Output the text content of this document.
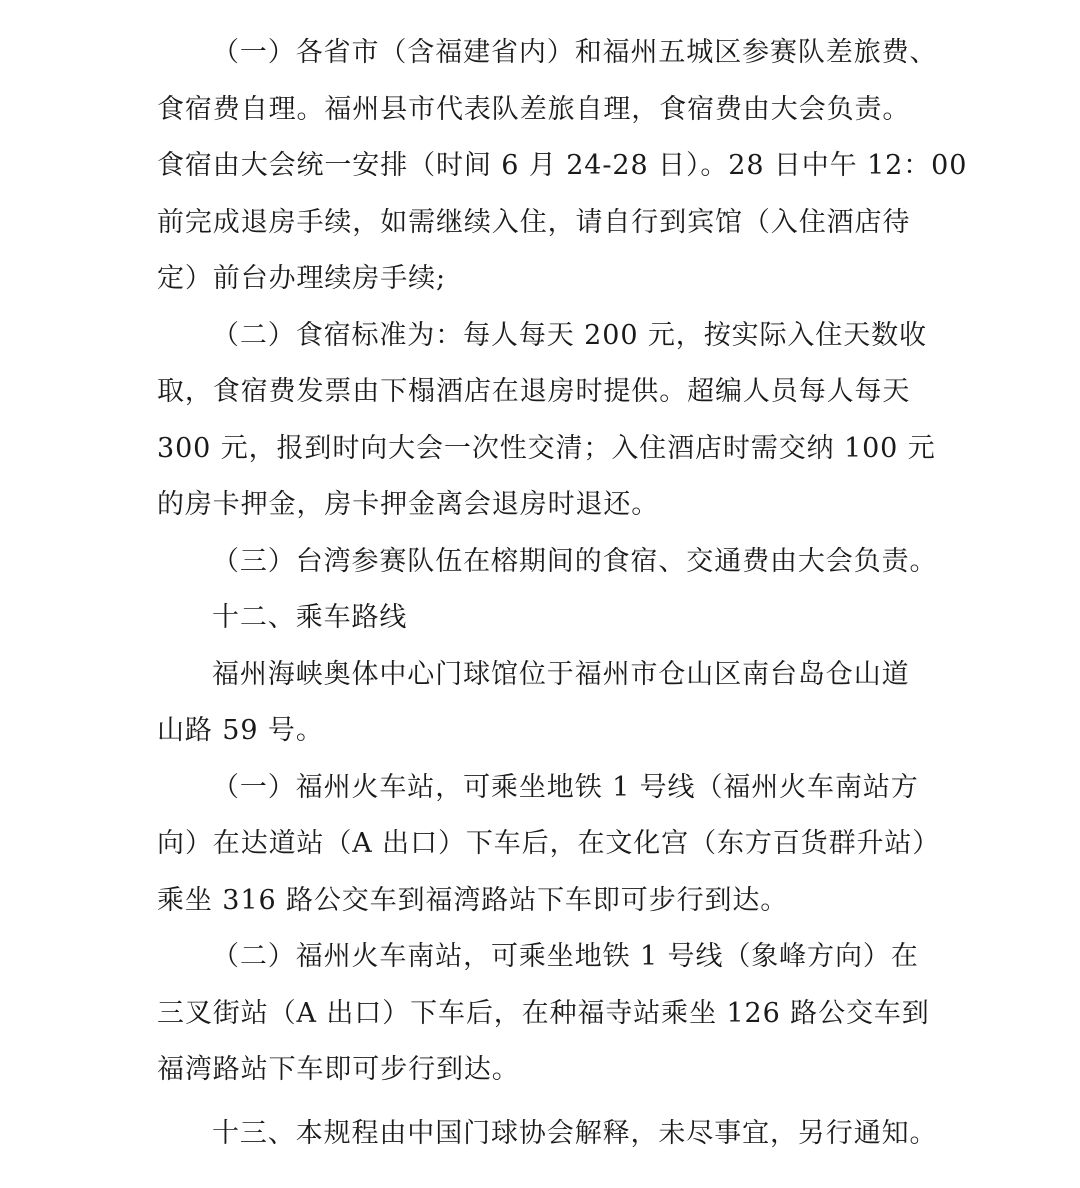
（一）各省市（含福建省内）和福州五城区参赛队差旅费、

食宿费自理。福州县市代表队差旅自理，食宿费由大会负责。

食宿由大会统一安排（时间 6 月 24-28 日）。28 日中午 12：00

前完成退房手续，如需继续入住，请自行到宾馆（入住酒店待

定）前台办理续房手续;

（二）食宿标准为：每人每天 200 元，按实际入住天数收

取，食宿费发票由下榻酒店在退房时提供。超编人员每人每天

300 元，报到时向大会一次性交清；入住酒店时需交纳 100 元

的房卡押金，房卡押金离会退房时退还。

（三）台湾参赛队伍在榕期间的食宿、交通费由大会负责。

十二、乘车路线

福州海峡奥体中心门球馆位于福州市仓山区南台岛仓山道

山路 59 号。

（一）福州火车站，可乘坐地铁 1 号线（福州火车南站方

向）在达道站（A 出口）下车后，在文化宫（东方百货群升站）

乘坐 316 路公交车到福湾路站下车即可步行到达。

（二）福州火车南站，可乘坐地铁 1 号线（象峰方向）在

三叉街站（A 出口）下车后，在种福寺站乘坐 126 路公交车到

福湾路站下车即可步行到达。

十三、本规程由中国门球协会解释，未尽事宜，另行通知。
